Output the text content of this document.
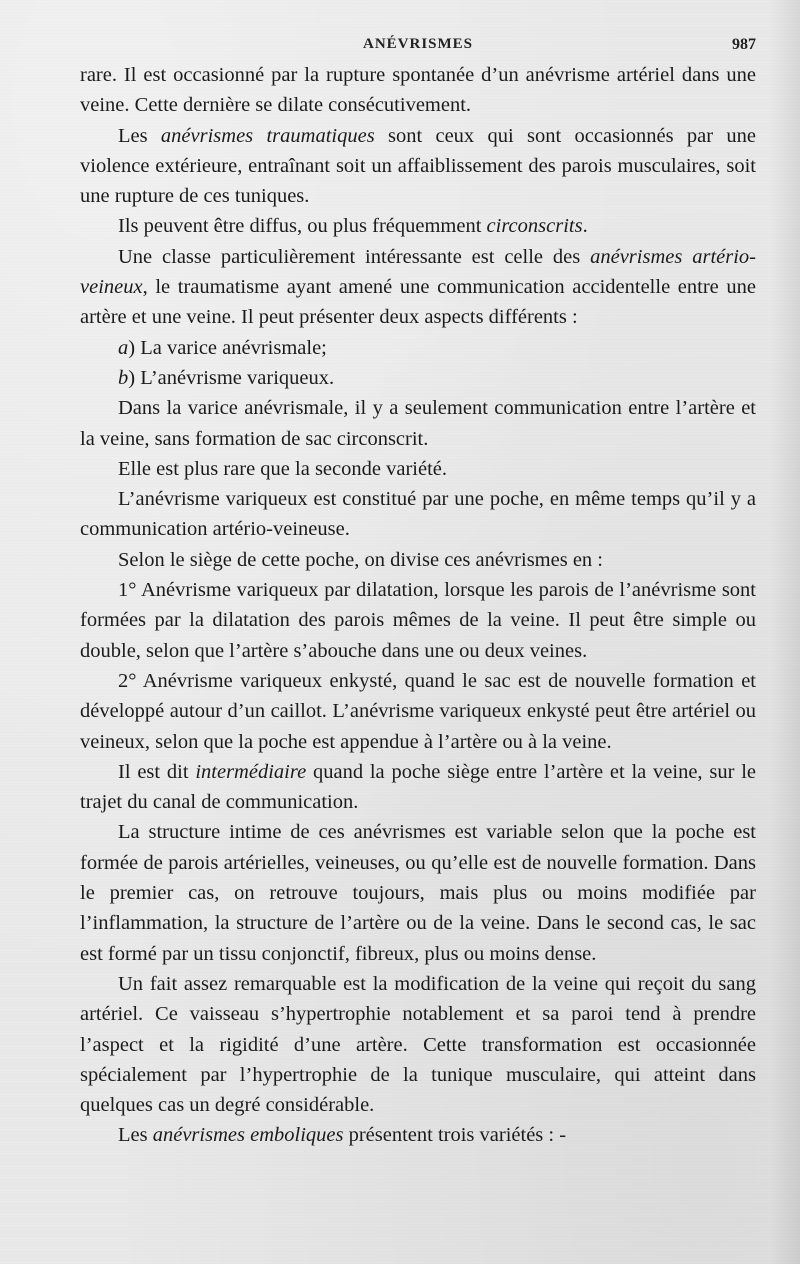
ANÉVRISMES	987

rare. Il est occasionné par la rupture spontanée d’un anévrisme artériel dans une veine. Cette dernière se dilate consécutivement.

Les anévrismes traumatiques sont ceux qui sont occasionnés par une violence extérieure, entraînant soit un affaiblissement des parois musculaires, soit une rupture de ces tuniques.

Ils peuvent être diffus, ou plus fréquemment circonscrits.

Une classe particulièrement intéressante est celle des anévrismes artério-veineux, le traumatisme ayant amené une communication accidentelle entre une artère et une veine. Il peut présenter deux aspects différents :

a) La varice anévrismale;

b) L’anévrisme variqueux.

Dans la varice anévrismale, il y a seulement communication entre l’artère et la veine, sans formation de sac circonscrit.

Elle est plus rare que la seconde variété.

L’anévrisme variqueux est constitué par une poche, en même temps qu’il y a communication artério-veineuse.

Selon le siège de cette poche, on divise ces anévrismes en :

1° Anévrisme variqueux par dilatation, lorsque les parois de l’anévrisme sont formées par la dilatation des parois mêmes de la veine. Il peut être simple ou double, selon que l’artère s’abouche dans une ou deux veines.

2° Anévrisme variqueux enkysté, quand le sac est de nouvelle formation et développé autour d’un caillot. L’anévrisme variqueux enkysté peut être artériel ou veineux, selon que la poche est appendue à l’artère ou à la veine.

Il est dit intermédiaire quand la poche siège entre l’artère et la veine, sur le trajet du canal de communication.

La structure intime de ces anévrismes est variable selon que la poche est formée de parois artérielles, veineuses, ou qu’elle est de nouvelle formation. Dans le premier cas, on retrouve toujours, mais plus ou moins modifiée par l’inflammation, la structure de l’artère ou de la veine. Dans le second cas, le sac est formé par un tissu conjonctif, fibreux, plus ou moins dense.

Un fait assez remarquable est la modification de la veine qui reçoit du sang artériel. Ce vaisseau s’hypertrophie notablement et sa paroi tend à prendre l’aspect et la rigidité d’une artère. Cette transformation est occasionnée spécialement par l’hypertrophie de la tunique musculaire, qui atteint dans quelques cas un degré considérable.

Les anévrismes emboliques présentent trois variétés : -
